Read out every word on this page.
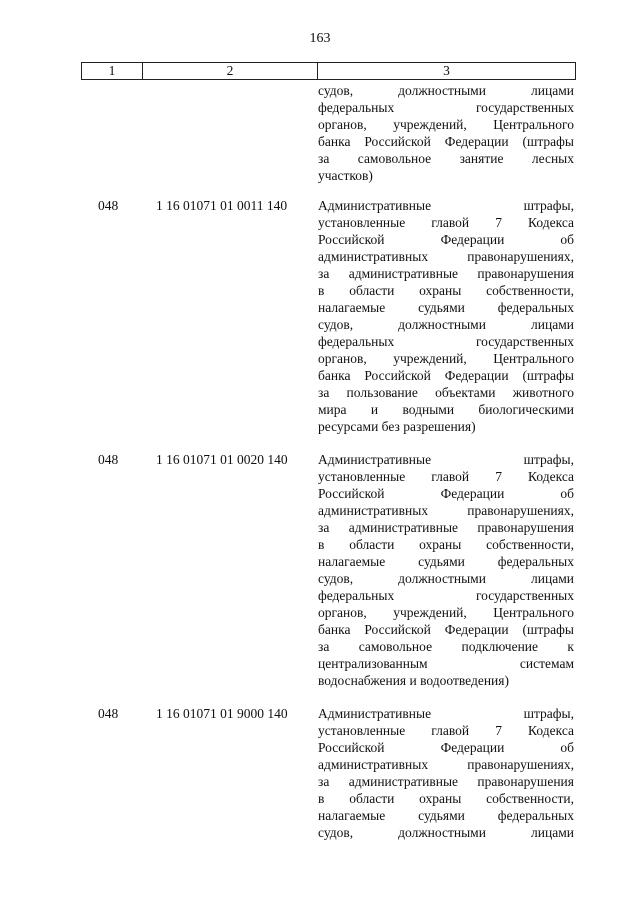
163
1	2	3
судов,	должностными	лицами
федеральных	государственных
органов, учреждений, Центрального
банка Российской Федерации (штрафы
за самовольное занятие лесных
участков)
048	1 16 01071 01 0011 140 Административные	штрафы,
установленные главой 7 Кодекса
Российской	Федерации	об
административных	правонарушениях,
за административные правонарушения
в области охраны собственности,
налагаемые судьями федеральных
судов,	должностными	лицами
федеральных	государственных
органов, учреждений, Центрального
банка Российской Федерации (штрафы
за пользование объектами животного
мира и водными биологическими
ресурсами без разрешения)
048	1 16 01071 01 0020 140 Административные	штрафы,
установленные главой 7 Кодекса
Российской	Федерации	об
административных	правонарушениях,
за административные правонарушения
в области охраны собственности,
налагаемые судьями федеральных
судов,	должностными	лицами
федеральных	государственных
органов, учреждений, Центрального
банка Российской Федерации (штрафы
за самовольное подключение к
централизованным	системам
водоснабжения и водоотведения)
048	1 16 01071 01 9000 140 Административные	штрафы,
установленные главой 7 Кодекса
Российской	Федерации	об
административных	правонарушениях,
за административные правонарушения
в области охраны собственности,
налагаемые судьями федеральных
судов,	должностными	лицами
